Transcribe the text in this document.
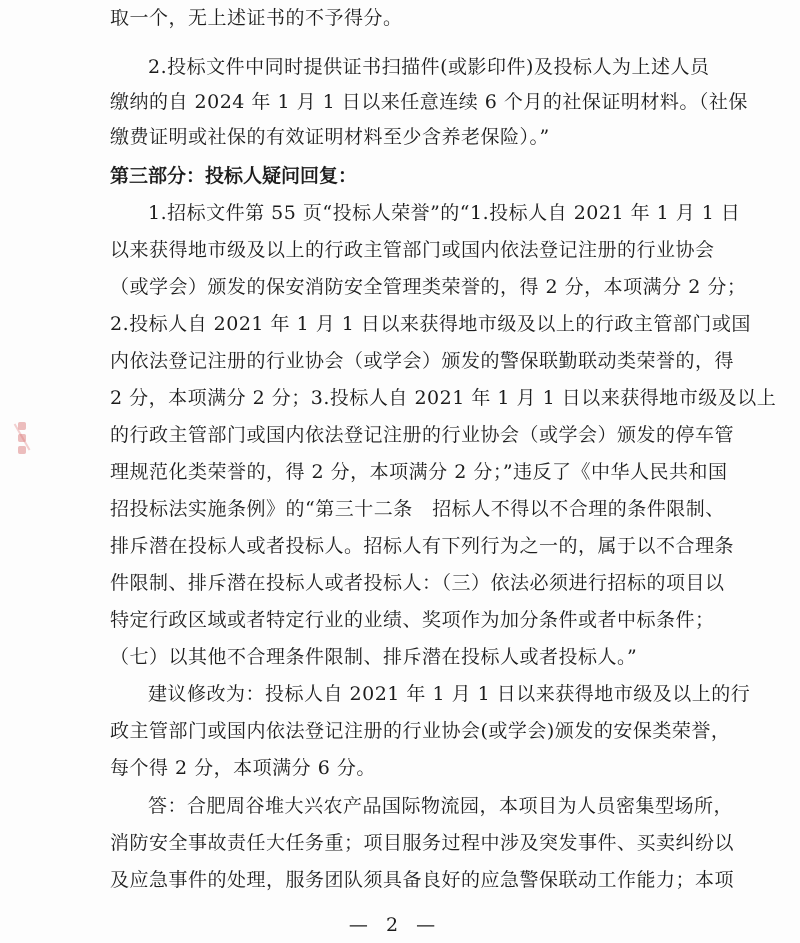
取一个，无上述证书的不予得分。
2.投标文件中同时提供证书扫描件(或影印件)及投标人为上述人员
缴纳的自 2024 年 1 月 1 日以来任意连续 6 个月的社保证明材料。（社保
缴费证明或社保的有效证明材料至少含养老保险）。”
第三部分：投标人疑问回复：
1.招标文件第 55 页“投标人荣誉”的“1.投标人自 2021 年 1 月 1 日
以来获得地市级及以上的行政主管部门或国内依法登记注册的行业协会
（或学会）颁发的保安消防安全管理类荣誉的，得 2 分，本项满分 2 分；
2.投标人自 2021 年 1 月 1 日以来获得地市级及以上的行政主管部门或国
内依法登记注册的行业协会（或学会）颁发的警保联勤联动类荣誉的，得
2 分，本项满分 2 分；3.投标人自 2021 年 1 月 1 日以来获得地市级及以上
的行政主管部门或国内依法登记注册的行业协会（或学会）颁发的停车管
理规范化类荣誉的，得 2 分，本项满分 2 分；”违反了《中华人民共和国
招投标法实施条例》的“第三十二条　招标人不得以不合理的条件限制、
排斥潜在投标人或者投标人。招标人有下列行为之一的，属于以不合理条
件限制、排斥潜在投标人或者投标人：（三）依法必须进行招标的项目以
特定行政区域或者特定行业的业绩、奖项作为加分条件或者中标条件；
（七）以其他不合理条件限制、排斥潜在投标人或者投标人。”
建议修改为：投标人自 2021 年 1 月 1 日以来获得地市级及以上的行
政主管部门或国内依法登记注册的行业协会(或学会)颁发的安保类荣誉，
每个得 2 分，本项满分 6 分。
答：合肥周谷堆大兴农产品国际物流园，本项目为人员密集型场所，
消防安全事故责任大任务重；项目服务过程中涉及突发事件、买卖纠纷以
及应急事件的处理，服务团队须具备良好的应急警保联动工作能力；本项
— 2 —
